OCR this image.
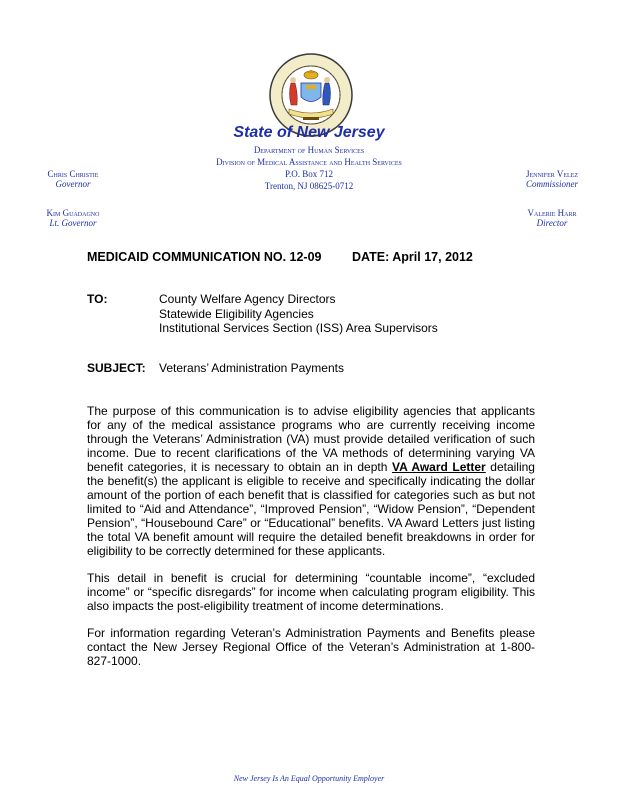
State of New Jersey
Department of Human Services
Division of Medical Assistance and Health Services
P.O. Box 712
Trenton, NJ 08625-0712
Chris Christie
Governor
Jennifer Velez
Commissioner
Kim Guadagno
Lt. Governor
Valerie Harr
Director
MEDICAID COMMUNICATION NO. 12-09 DATE: April 17, 2012
TO:	County Welfare Agency Directors
Statewide Eligibility Agencies
Institutional Services Section (ISS) Area Supervisors
SUBJECT: Veterans’ Administration Payments
The purpose of this communication is to advise eligibility agencies that applicants for any of the medical assistance programs who are currently receiving income through the Veterans’ Administration (VA) must provide detailed verification of such income. Due to recent clarifications of the VA methods of determining varying VA benefit categories, it is necessary to obtain an in depth VA Award Letter detailing the benefit(s) the applicant is eligible to receive and specifically indicating the dollar amount of the portion of each benefit that is classified for categories such as but not limited to “Aid and Attendance”, “Improved Pension”, “Widow Pension”, “Dependent Pension”, “Housebound Care” or “Educational” benefits. VA Award Letters just listing the total VA benefit amount will require the detailed benefit breakdowns in order for eligibility to be correctly determined for these applicants.
This detail in benefit is crucial for determining “countable income”, “excluded income” or “specific disregards” for income when calculating program eligibility. This also impacts the post-eligibility treatment of income determinations.
For information regarding Veteran’s Administration Payments and Benefits please contact the New Jersey Regional Office of the Veteran’s Administration at 1-800-827-1000.
New Jersey Is An Equal Opportunity Employer
